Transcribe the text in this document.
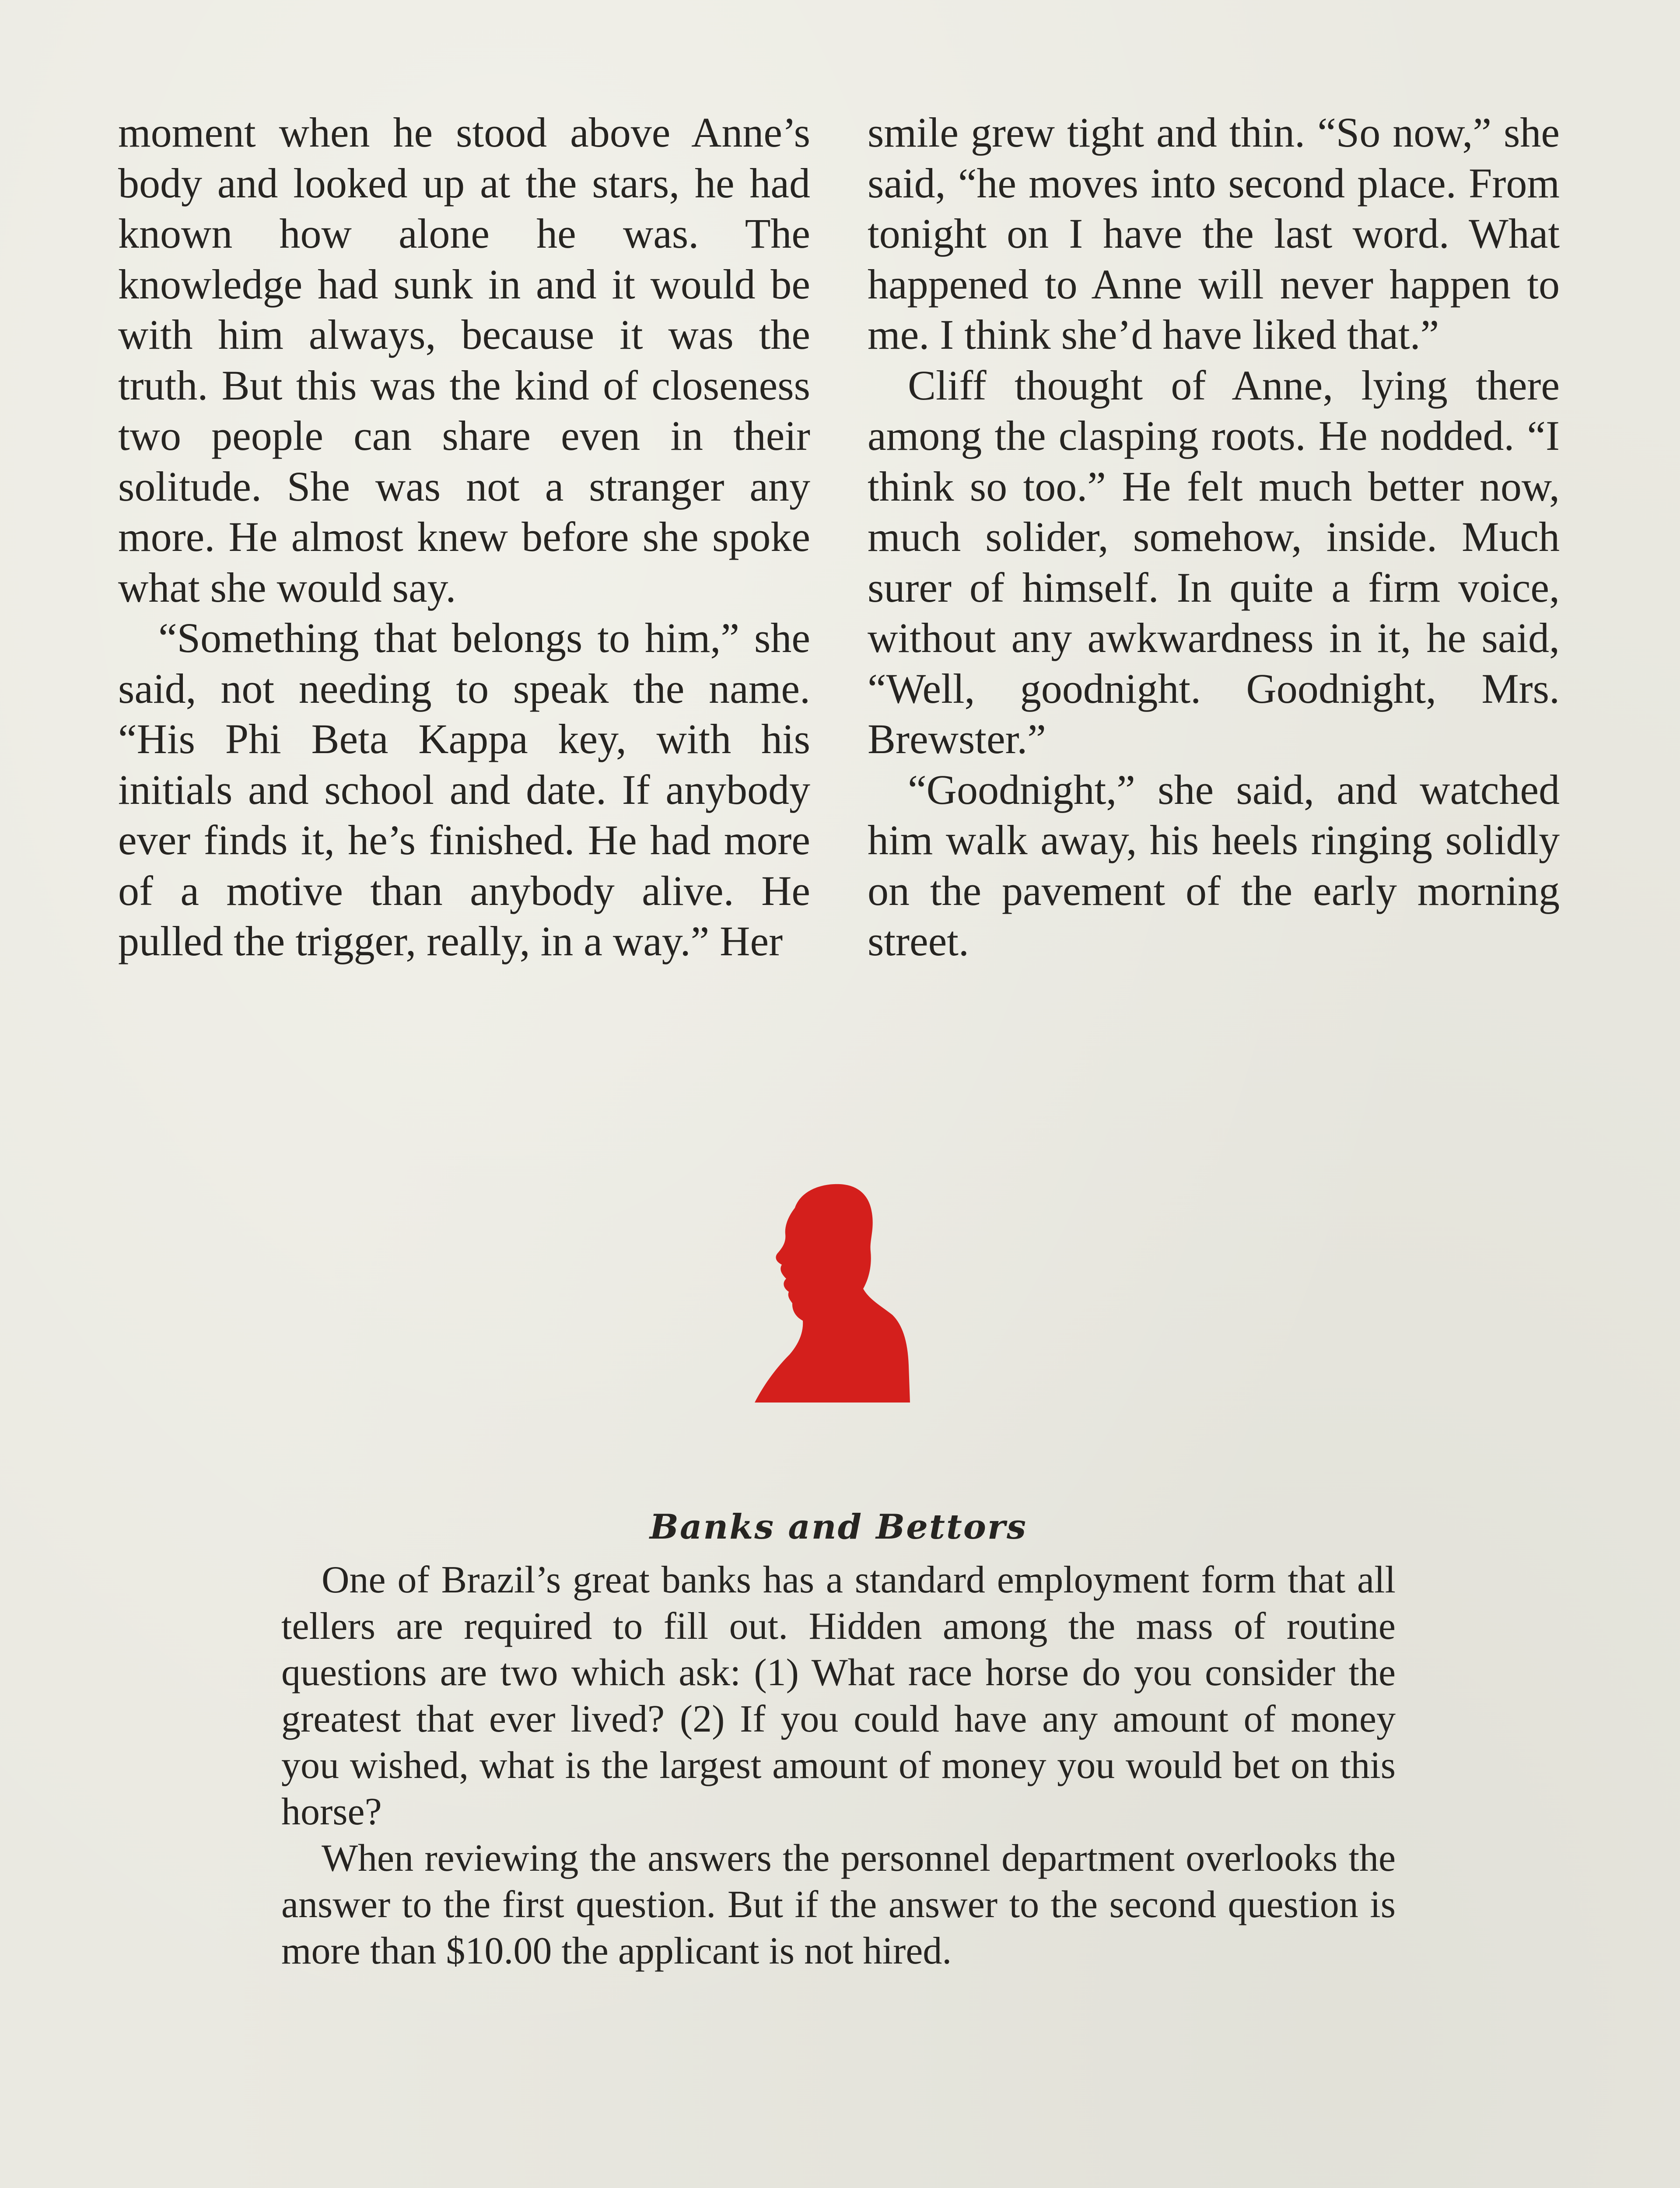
moment when he stood above Anne’s body and looked up at the stars, he had known how alone he was. The knowledge had sunk in and it would be with him always, because it was the truth. But this was the kind of closeness two people can share even in their solitude. She was not a stranger any more. He almost knew before she spoke what she would say.

“Something that belongs to him,” she said, not needing to speak the name. “His Phi Beta Kappa key, with his initials and school and date. If anybody ever finds it, he’s finished. He had more of a motive than anybody alive. He pulled the trigger, really, in a way.” Her

smile grew tight and thin. “So now,” she said, “he moves into second place. From tonight on I have the last word. What happened to Anne will never happen to me. I think she’d have liked that.”

Cliff thought of Anne, lying there among the clasping roots. He nodded. “I think so too.” He felt much better now, much solider, somehow, inside. Much surer of himself. In quite a firm voice, without any awkwardness in it, he said, “Well, goodnight. Goodnight, Mrs. Brewster.”

“Goodnight,” she said, and watched him walk away, his heels ringing solidly on the pavement of the early morning street.

Banks and Bettors

One of Brazil’s great banks has a standard employment form that all tellers are required to fill out. Hidden among the mass of routine questions are two which ask: (1) What race horse do you consider the greatest that ever lived? (2) If you could have any amount of money you wished, what is the largest amount of money you would bet on this horse?

When reviewing the answers the personnel department overlooks the answer to the first question. But if the answer to the second question is more than $10.00 the applicant is not hired.
